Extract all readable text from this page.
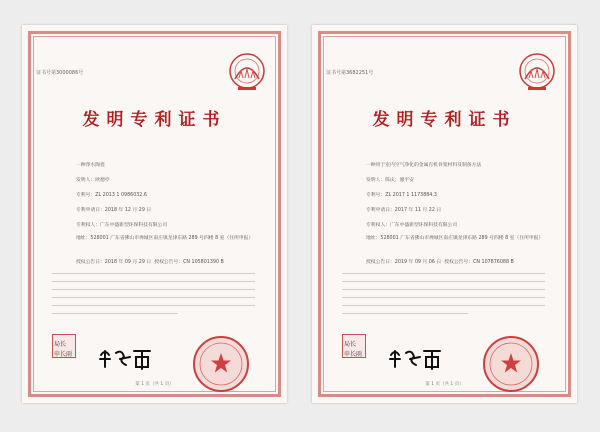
证书号第3000086号
发明专利证书
一种净水陶瓷
发明人：欧德亭
专利号：ZL 2013 1 0986032.6
专利申请日：2018 年 12 月 29 日
专利权人：广东中盛新型环保科技有限公司
地址：528001 广东省佛山市禅城区南庄镇龙津东路 289 号四楼 8 室（住所申报）
授权公告日：2018 年 09 月 29 日 授权公告号：CN 105801390 B
局长
申长雨
第 1 页（共 1 页）
证书号第3682251号
发明专利证书
一种用于室内空气净化的金属有机骨架材料及制备方法
发明人：陈庆；廖平安
专利号：ZL 2017 1 1173884.3
专利申请日：2017 年 11 月 22 日
专利权人：广东中盛新型环保科技有限公司
地址：528001 广东省佛山市禅城区南庄镇龙津东路 289 号四楼 8 室（住所申报）
授权公告日：2019 年 09 月 06 日 授权公告号：CN 107876088 B
局长
申长雨
第 1 页（共 1 页）
